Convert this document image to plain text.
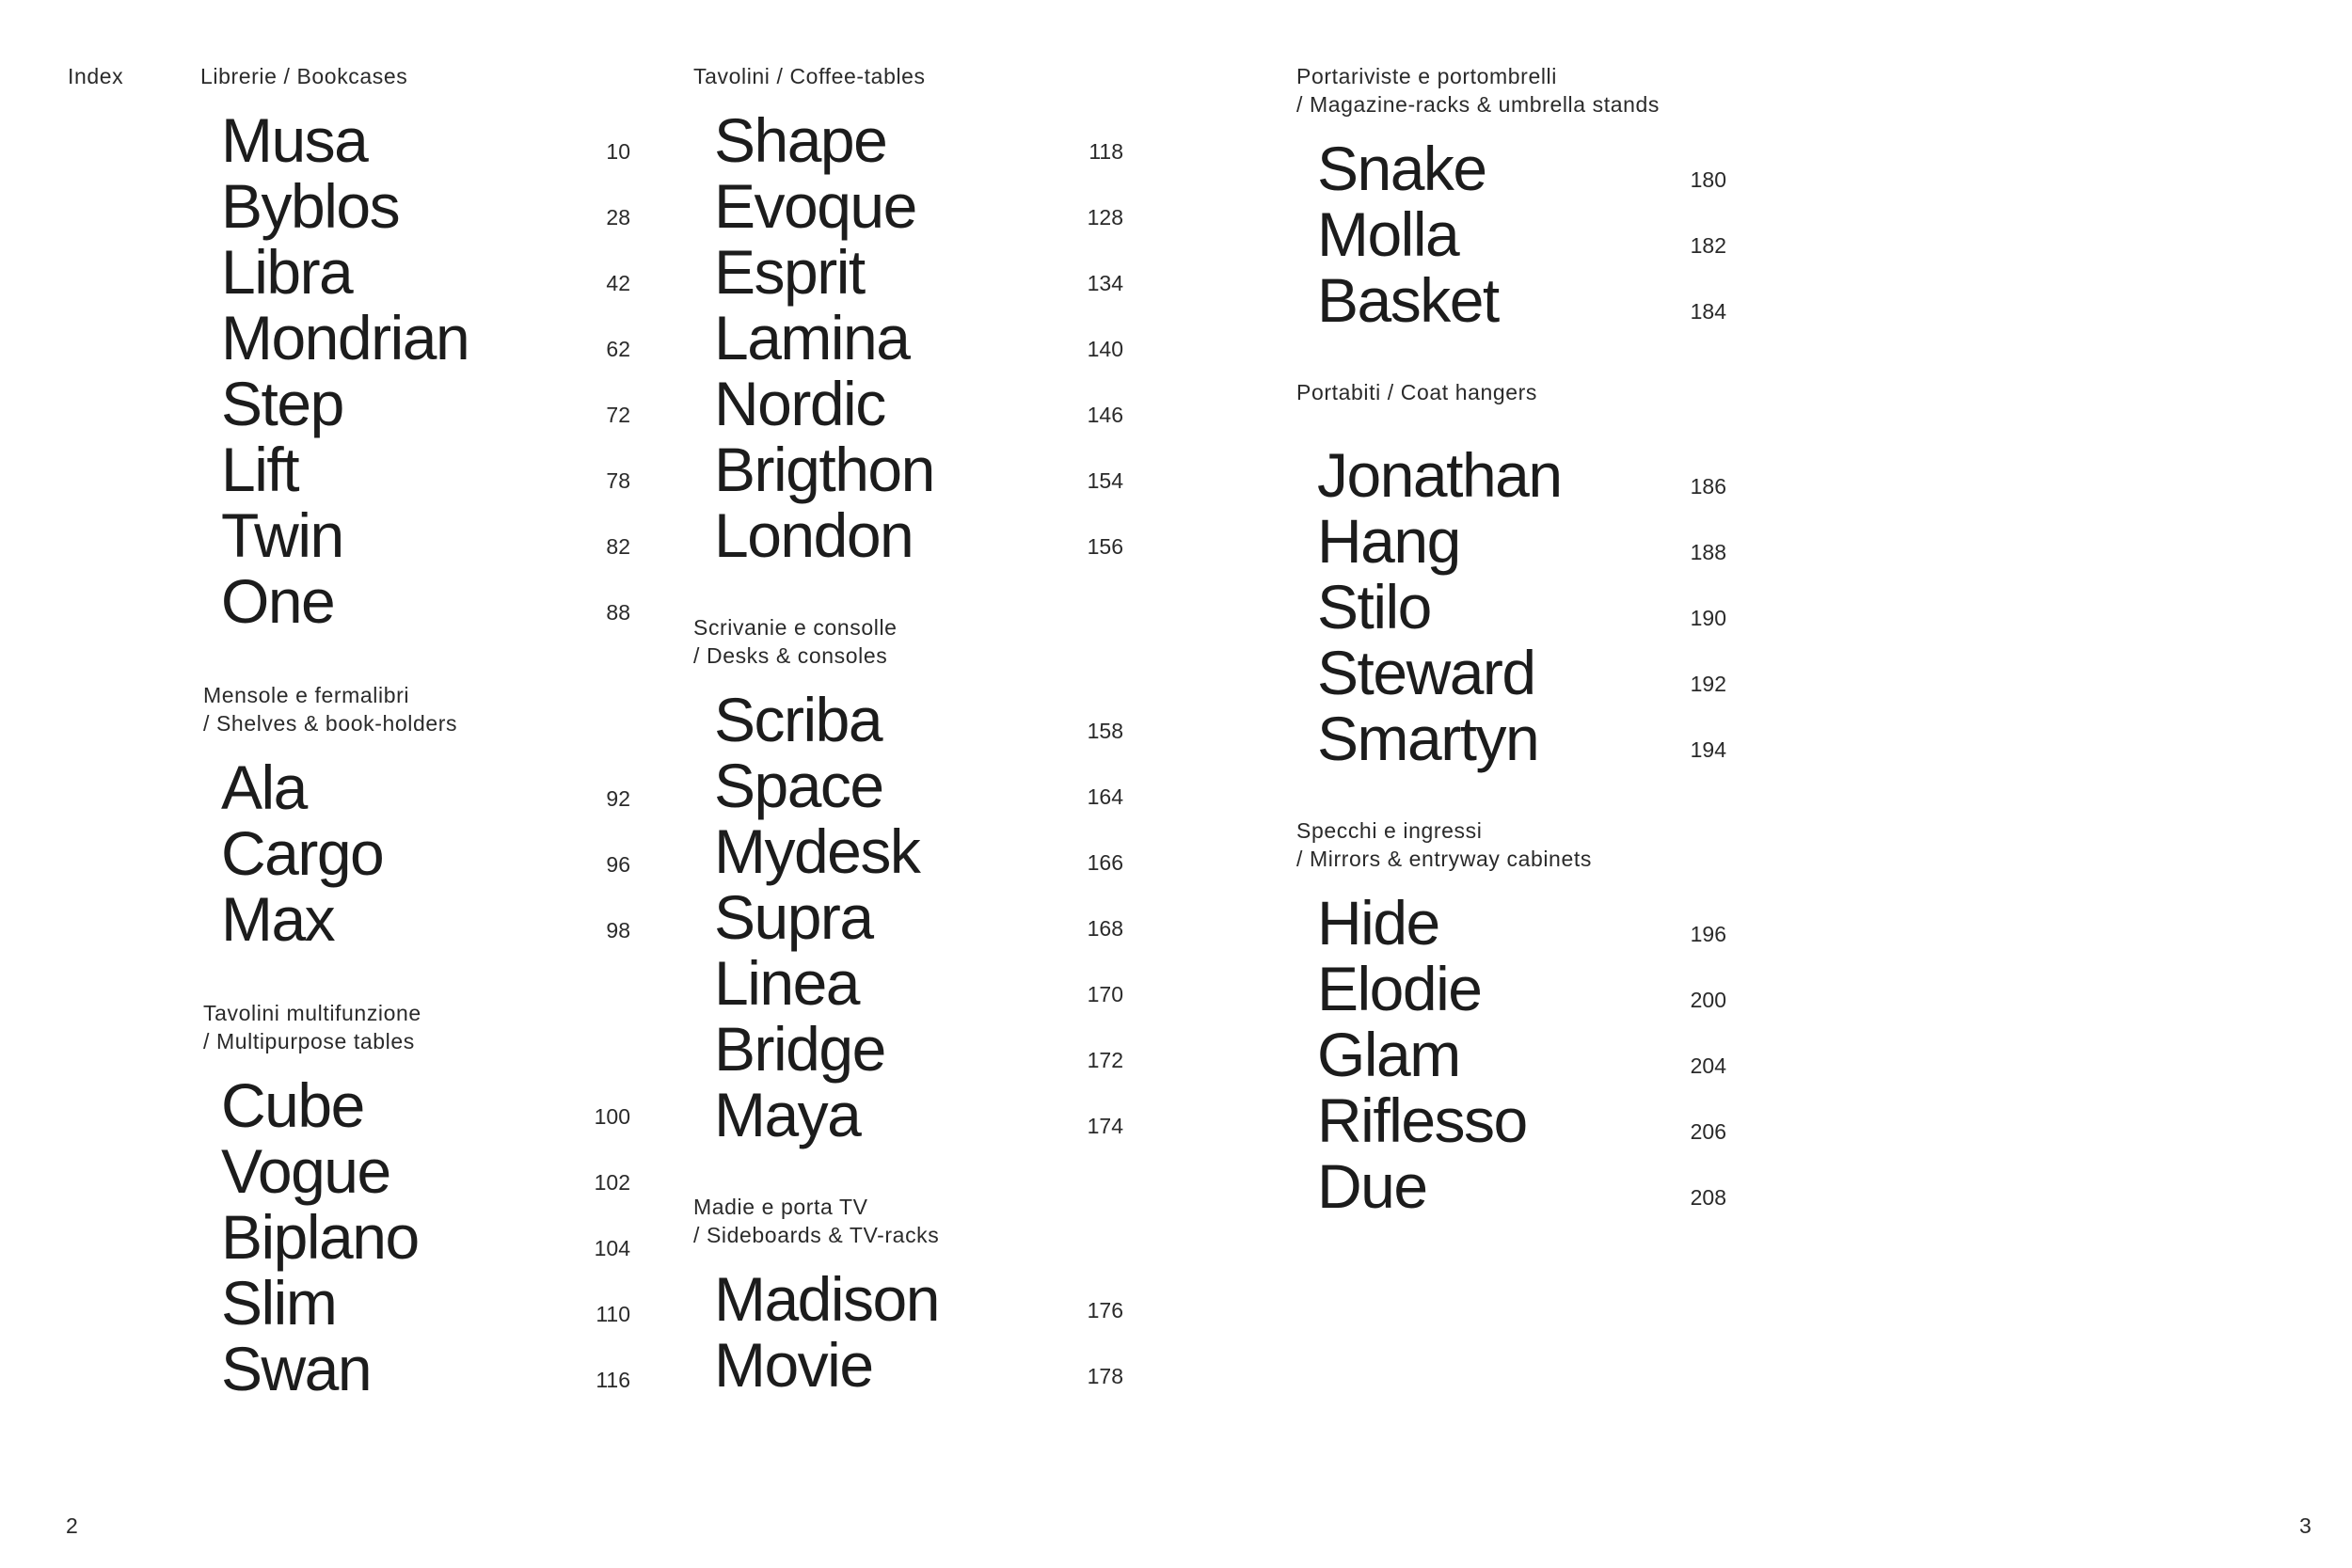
Index
2	3
Librerie / Bookcases
Musa	10
Byblos	28
Libra	42
Mondrian	62
Step	72
Lift	78
Twin	82
One	88
Mensole e fermalibri
/ Shelves & book-holders
Ala	92
Cargo	96
Max	98
Tavolini multifunzione
/ Multipurpose tables
Cube	100
Vogue	102
Biplano	104
Slim	110
Swan	116
Tavolini / Coffee-tables
Shape	118
Evoque	128
Esprit	134
Lamina	140
Nordic	146
Brigthon	154
London	156
Scrivanie e consolle
/ Desks & consoles
Scriba	158
Space	164
Mydesk	166
Supra	168
Linea	170
Bridge	172
Maya	174
Madie e porta TV
/ Sideboards & TV-racks
Madison	176
Movie	178
Portariviste e portombrelli
/ Magazine-racks & umbrella stands
Snake	180
Molla	182
Basket	184
Portabiti / Coat hangers
Jonathan	186
Hang	188
Stilo	190
Steward	192
Smartyn	194
Specchi e ingressi
/ Mirrors & entryway cabinets
Hide	196
Elodie	200
Glam	204
Riflesso	206
Due	208
